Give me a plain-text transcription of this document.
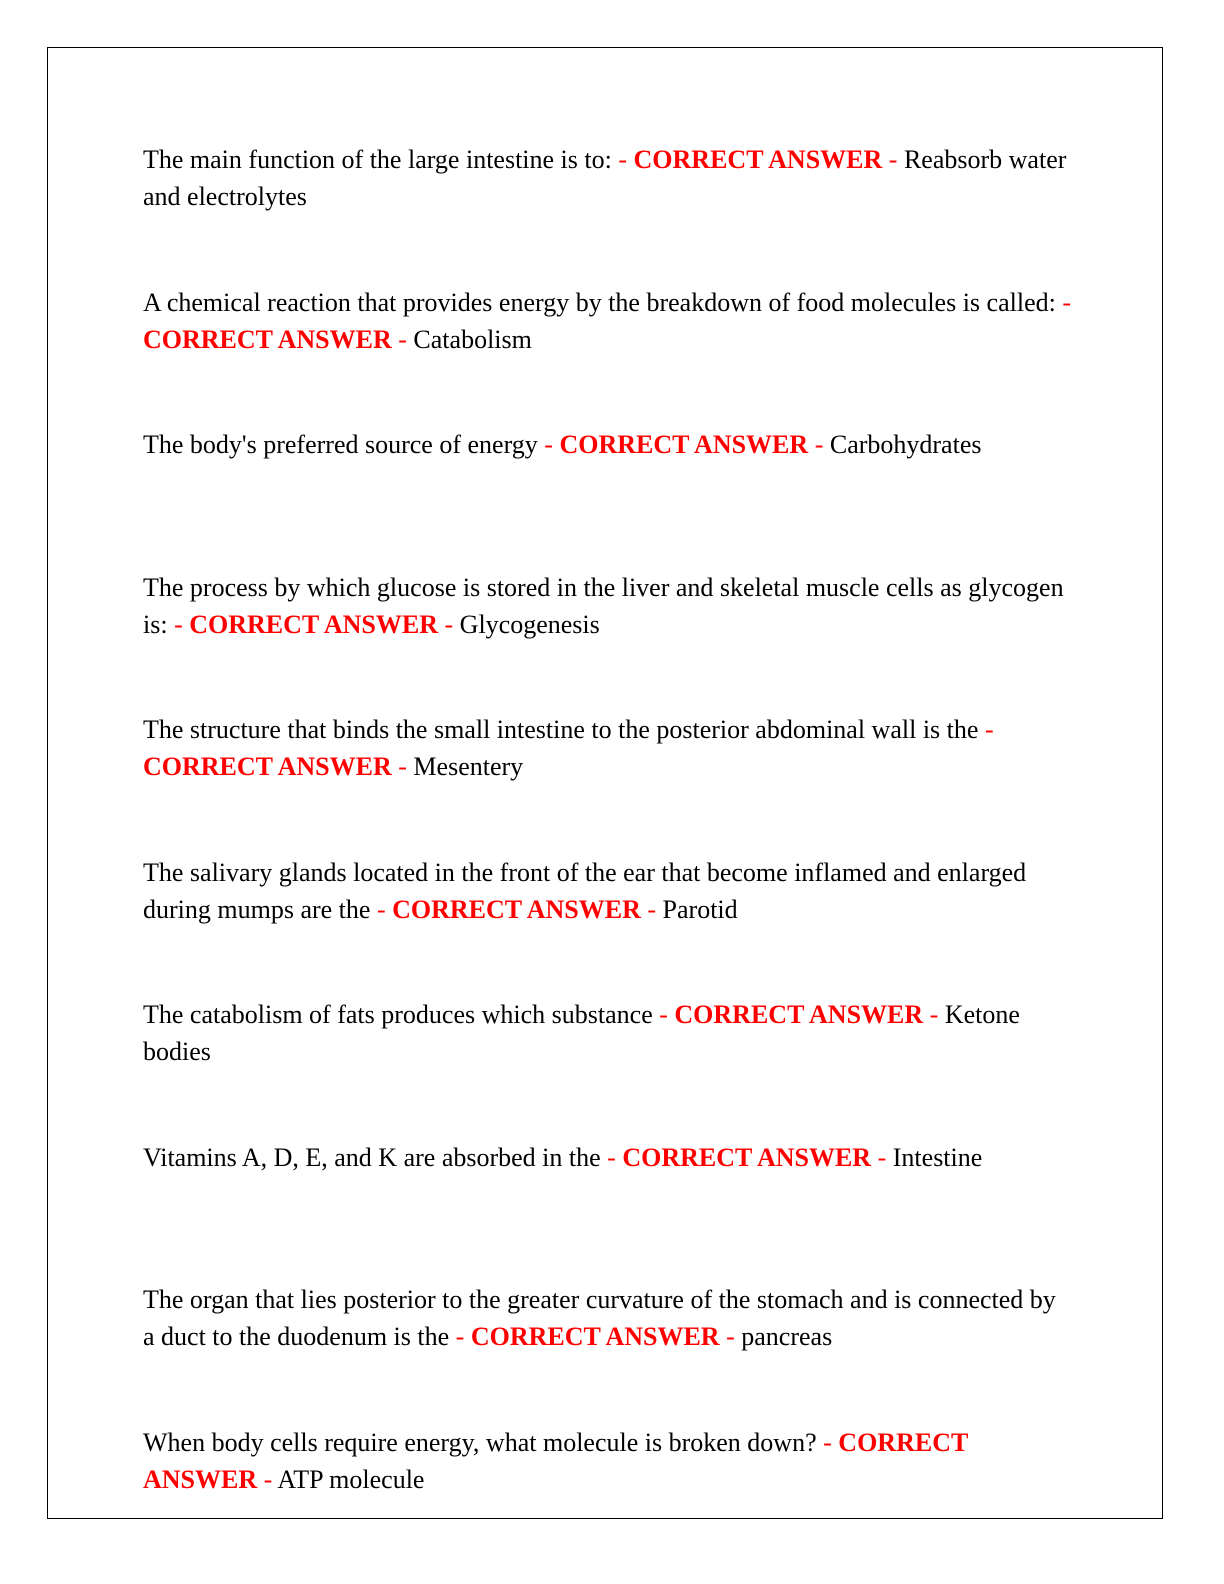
The main function of the large intestine is to: - CORRECT ANSWER - Reabsorb water and electrolytes

A chemical reaction that provides energy by the breakdown of food molecules is called: - CORRECT ANSWER - Catabolism

The body's preferred source of energy - CORRECT ANSWER - Carbohydrates

The process by which glucose is stored in the liver and skeletal muscle cells as glycogen is: - CORRECT ANSWER - Glycogenesis

The structure that binds the small intestine to the posterior abdominal wall is the - CORRECT ANSWER - Mesentery

The salivary glands located in the front of the ear that become inflamed and enlarged during mumps are the - CORRECT ANSWER - Parotid

The catabolism of fats produces which substance - CORRECT ANSWER - Ketone bodies

Vitamins A, D, E, and K are absorbed in the - CORRECT ANSWER - Intestine

The organ that lies posterior to the greater curvature of the stomach and is connected by a duct to the duodenum is the - CORRECT ANSWER - pancreas

When body cells require energy, what molecule is broken down? - CORRECT ANSWER - ATP molecule
